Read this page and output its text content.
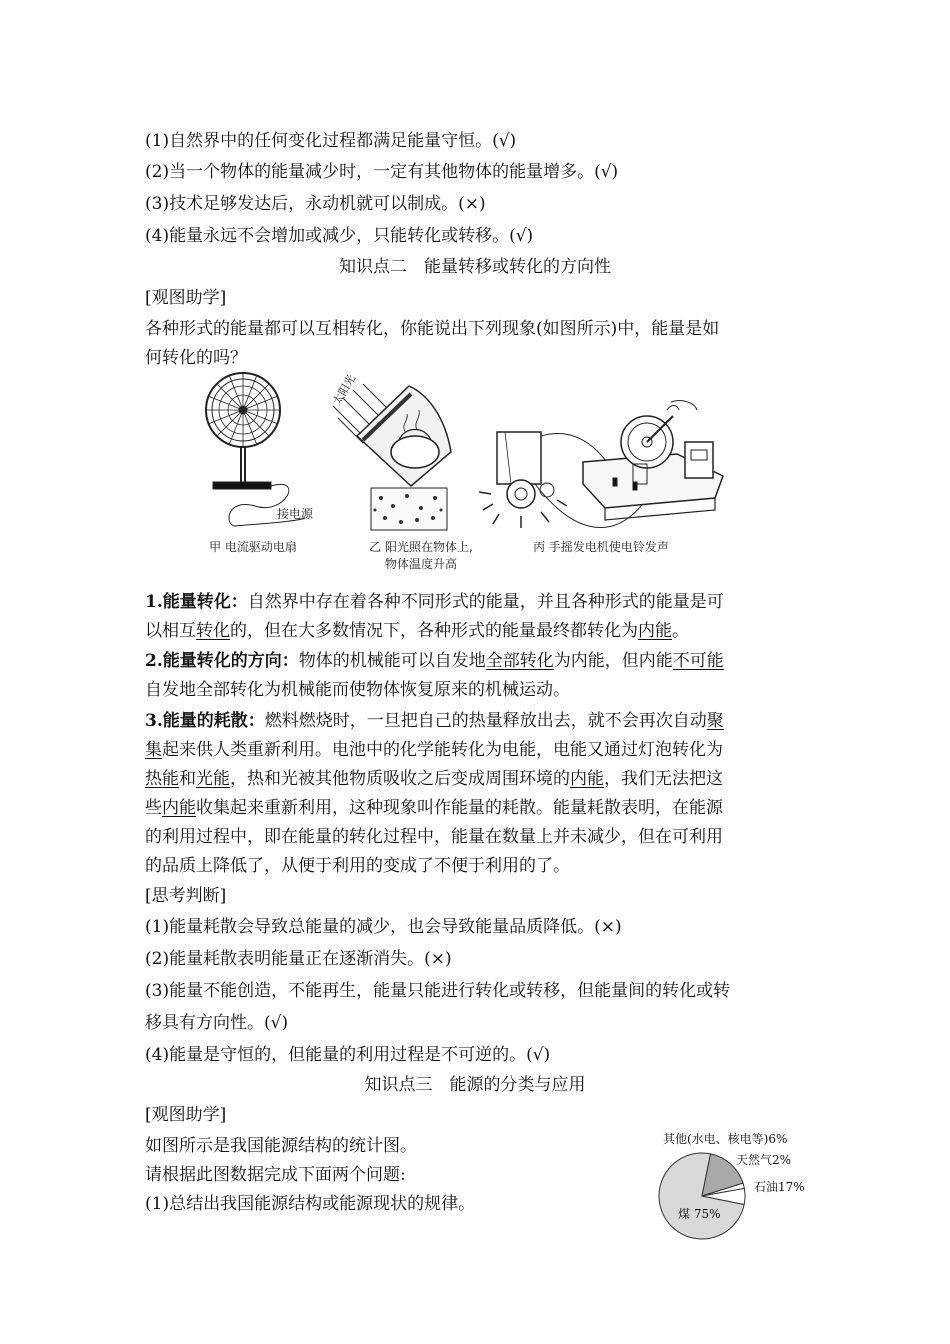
(1)自然界中的任何变化过程都满足能量守恒。(√)
(2)当一个物体的能量减少时，一定有其他物体的能量增多。(√)
(3)技术足够发达后，永动机就可以制成。(×)
(4)能量永远不会增加或减少，只能转化或转移。(√)
知识点二　能量转移或转化的方向性
[观图助学]
各种形式的能量都可以互相转化，你能说出下列现象(如图所示)中，能量是如
何转化的吗？
接电源
太阳光
甲 电流驱动电扇	乙 阳光照在物体上,
物体温度升高
丙 手摇发电机使电铃发声
1.能量转化：自然界中存在着各种不同形式的能量，并且各种形式的能量是可
以相互转化的，但在大多数情况下，各种形式的能量最终都转化为内能。
2.能量转化的方向：物体的机械能可以自发地全部转化为内能，但内能不可能
自发地全部转化为机械能而使物体恢复原来的机械运动。
3.能量的耗散：燃料燃烧时，一旦把自己的热量释放出去，就不会再次自动聚
集起来供人类重新利用。电池中的化学能转化为电能，电能又通过灯泡转化为
热能和光能，热和光被其他物质吸收之后变成周围环境的内能，我们无法把这
些内能收集起来重新利用，这种现象叫作能量的耗散。能量耗散表明，在能源
的利用过程中，即在能量的转化过程中，能量在数量上并未减少，但在可利用
的品质上降低了，从便于利用的变成了不便于利用的了。
[思考判断]
(1)能量耗散会导致总能量的减少，也会导致能量品质降低。(×)
(2)能量耗散表明能量正在逐渐消失。(×)
(3)能量不能创造，不能再生，能量只能进行转化或转移，但能量间的转化或转
移具有方向性。(√)
(4)能量是守恒的，但能量的利用过程是不可逆的。(√)
知识点三　能源的分类与应用
[观图助学]
如图所示是我国能源结构的统计图。
请根据此图数据完成下面两个问题:
(1)总结出我国能源结构或能源现状的规律。
其他(水电、核电等)6%
天然气2%
石油17%
煤 75%
